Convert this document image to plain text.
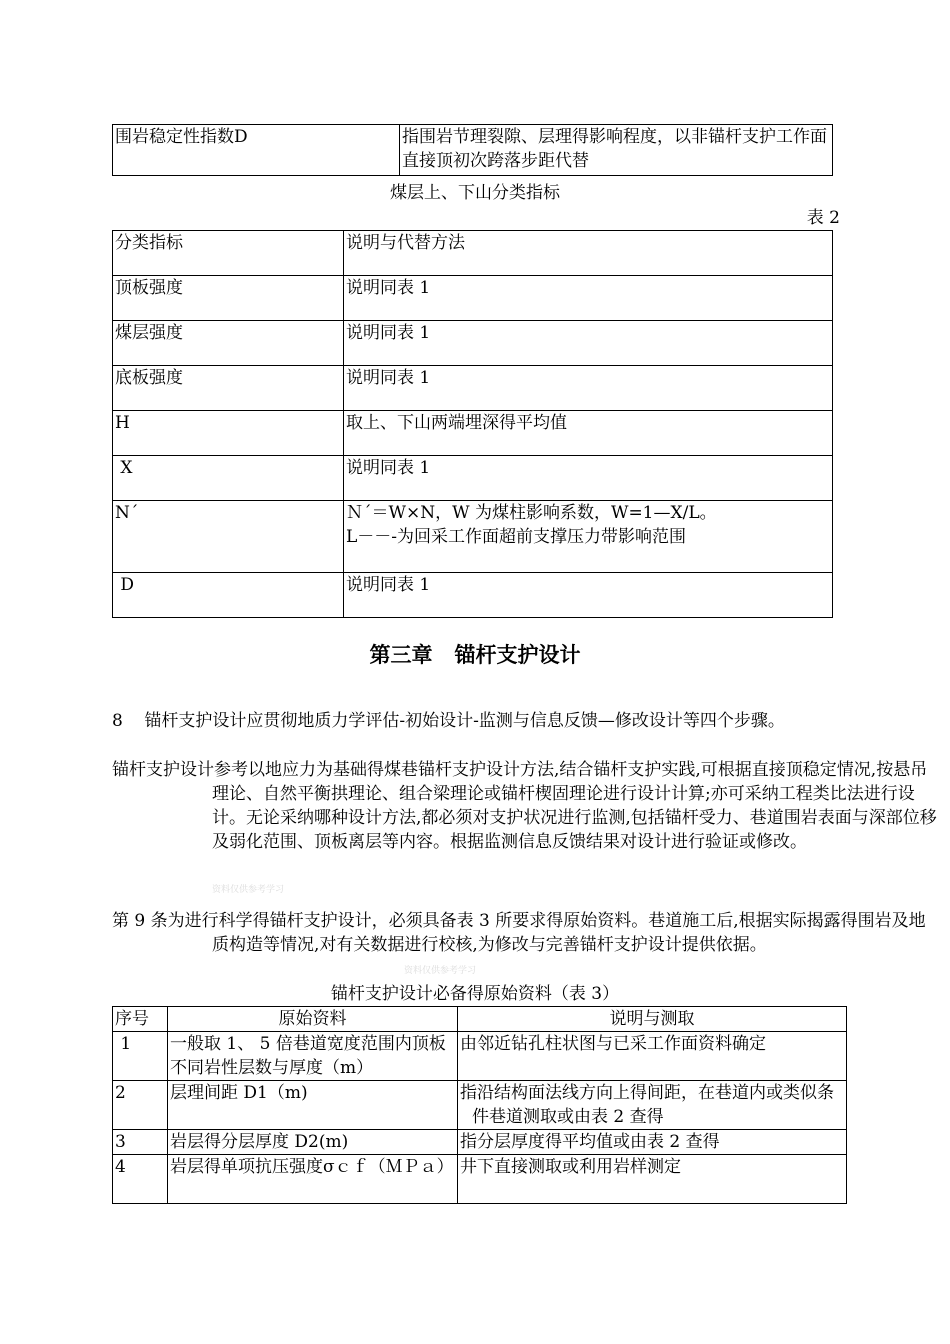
围岩稳定性指数D	指围岩节理裂隙、层理得影响程度，以非锚杆支护工作面直接顶初次跨落步距代替
煤层上、下山分类指标
表 2
分类指标	说明与代替方法
顶板强度	说明同表 1
煤层强度	说明同表 1
底板强度	说明同表 1
H	取上、下山两端埋深得平均值
X	说明同表 1
N´	Ｎ´＝W×N，W 为煤柱影响系数，W=1—X/L。
L－－-为回采工作面超前支撑压力带影响范围

D	说明同表 1
第三章   锚杆支护设计
8    锚杆支护设计应贯彻地质力学评估-初始设计-监测与信息反馈—修改设计等四个步骤。
锚杆支护设计参考以地应力为基础得煤巷锚杆支护设计方法,结合锚杆支护实践,可根据直接顶稳定情况,按悬吊理论、自然平衡拱理论、组合梁理论或锚杆楔固理论进行设计计算;亦可采纳工程类比法进行设计。无论采纳哪种设计方法,都必须对支护状况进行监测,包括锚杆受力、巷道围岩表面与深部位移及弱化范围、顶板离层等内容。根据监测信息反馈结果对设计进行验证或修改。
资料仅供参考学习
第 9 条为进行科学得锚杆支护设计，必须具备表 3 所要求得原始资料。巷道施工后,根据实际揭露得围岩及地质构造等情况,对有关数据进行校核,为修改与完善锚杆支护设计提供依据。
资料仅供参考学习
锚杆支护设计必备得原始资料（表 3）
序号	原始资料	说明与测取
1	一般取 1、 5 倍巷道宽度范围内顶板不同岩性层数与厚度（m）	由邻近钻孔柱状图与已采工作面资料确定
2	层理间距 D1（m)	指沿结构面法线方向上得间距，在巷道内或类似条件巷道测取或由表 2 查得
3	岩层得分层厚度 D2(m)	指分层厚度得平均值或由表 2 查得
4	岩层得单项抗压强度σｃｆ（ＭＰａ）	井下直接测取或利用岩样测定
